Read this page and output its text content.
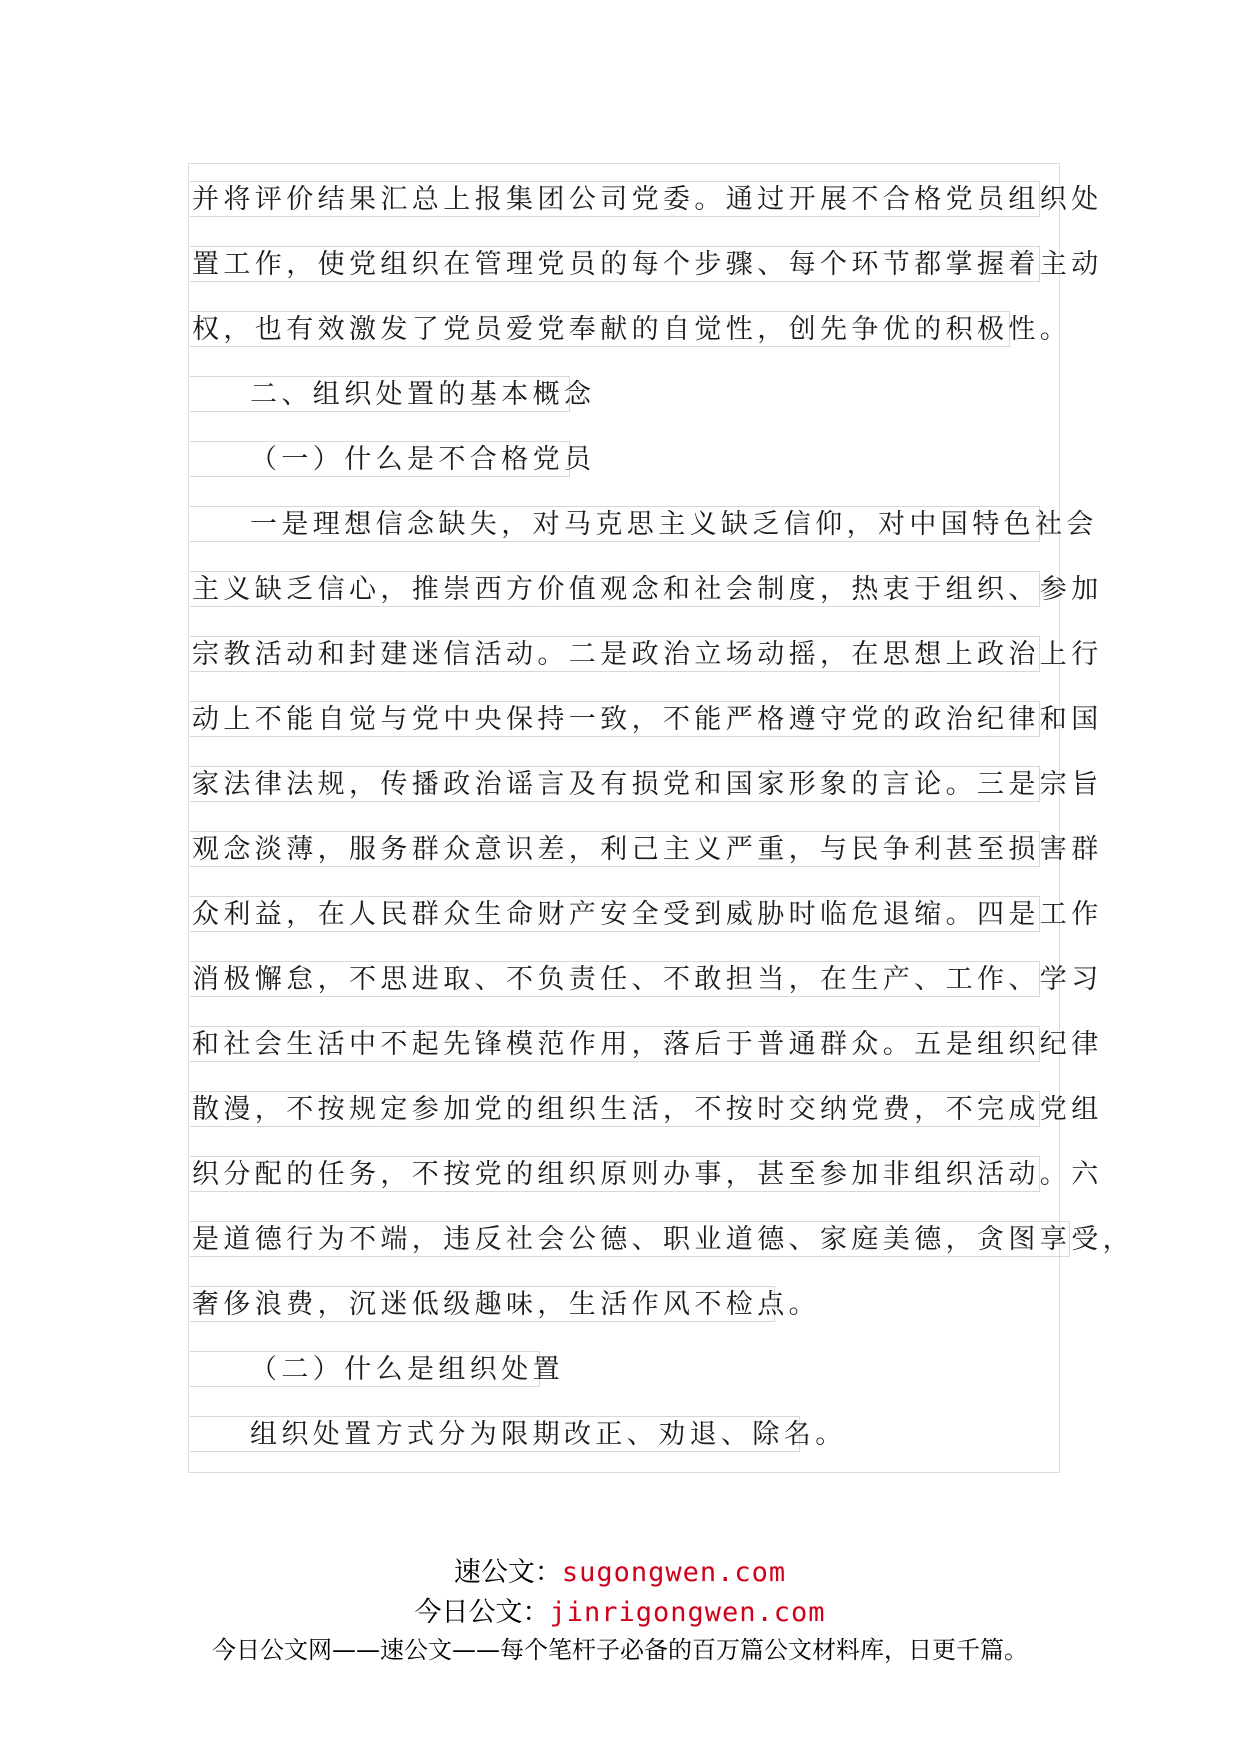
并将评价结果汇总上报集团公司党委。通过开展不合格党员组织处
置工作，使党组织在管理党员的每个步骤、每个环节都掌握着主动
权，也有效激发了党员爱党奉献的自觉性，创先争优的积极性。
二、组织处置的基本概念
（一）什么是不合格党员
一是理想信念缺失，对马克思主义缺乏信仰，对中国特色社会
主义缺乏信心，推崇西方价值观念和社会制度，热衷于组织、参加
宗教活动和封建迷信活动。二是政治立场动摇，在思想上政治上行
动上不能自觉与党中央保持一致，不能严格遵守党的政治纪律和国
家法律法规，传播政治谣言及有损党和国家形象的言论。三是宗旨
观念淡薄，服务群众意识差，利己主义严重，与民争利甚至损害群
众利益，在人民群众生命财产安全受到威胁时临危退缩。四是工作
消极懈怠，不思进取、不负责任、不敢担当，在生产、工作、学习
和社会生活中不起先锋模范作用，落后于普通群众。五是组织纪律
散漫，不按规定参加党的组织生活，不按时交纳党费，不完成党组
织分配的任务，不按党的组织原则办事，甚至参加非组织活动。六
是道德行为不端，违反社会公德、职业道德、家庭美德，贪图享受，
奢侈浪费，沉迷低级趣味，生活作风不检点。
（二）什么是组织处置
组织处置方式分为限期改正、劝退、除名。
速公文：sugongwen.com
今日公文：jinrigongwen.com
今日公文网——速公文——每个笔杆子必备的百万篇公文材料库，日更千篇。
